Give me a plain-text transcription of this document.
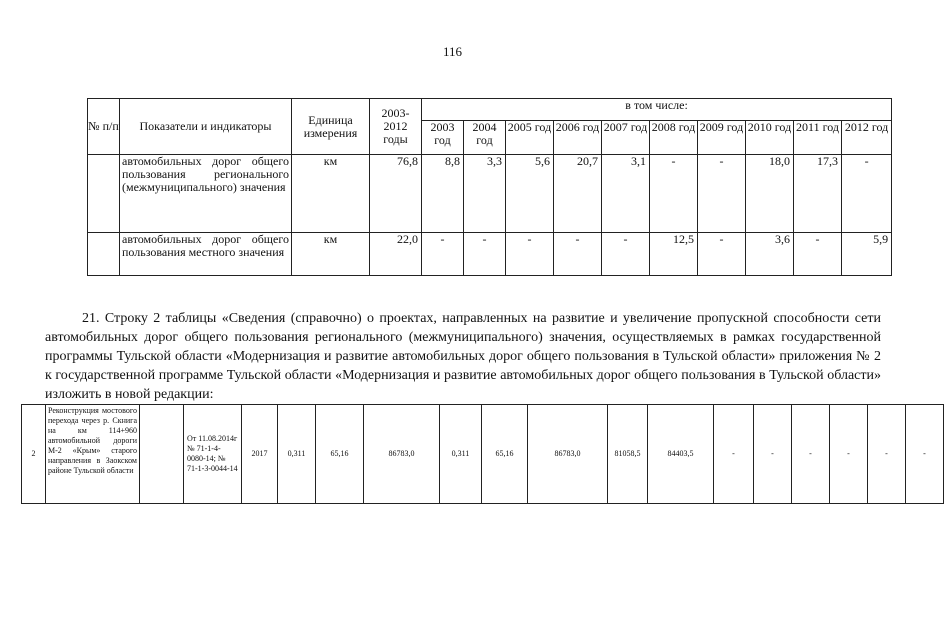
116
№ п/п	Показатели и индикаторы	Единица измерения	2003-2012 годы	в том числе:									
				2003 год	2004 год	2005 год	2006 год	2007 год	2008 год	2009 год	2010 год	2011 год	2012 год
	автомобильных дорог общего пользования регионального (межмуниципального) значения	км	76,8	8,8	3,3	5,6	20,7	3,1	-	-	18,0	17,3	-
	автомобильных дорог общего пользования местного значения	км	22,0	-	-	-	-	-	12,5	-	3,6	-	5,9

21. Строку 2 таблицы «Сведения (справочно) о проектах, направленных на развитие и увеличение пропускной способности сети автомобильных дорог общего пользования регионального (межмуниципального) значения, осуществляемых в рамках государственной программы Тульской области «Модернизация и развитие автомобильных дорог общего пользования в Тульской области» приложения № 2 к государственной программе Тульской области «Модернизация и развитие автомобильных дорог общего пользования в Тульской области» изложить в новой редакции:

2	Реконструкция мостового перехода через р. Скнига на км 114+960 автомобильной дороги М-2 «Крым» старого направления в Заокском районе Тульской области		От 11.08.2014г № 71-1-4-0080-14; № 71-1-3-0044-14	2017	0,311	65,16	86783,0	0,311	65,16	86783,0	81058,5	84403,5	-	-	-	-	-	-
